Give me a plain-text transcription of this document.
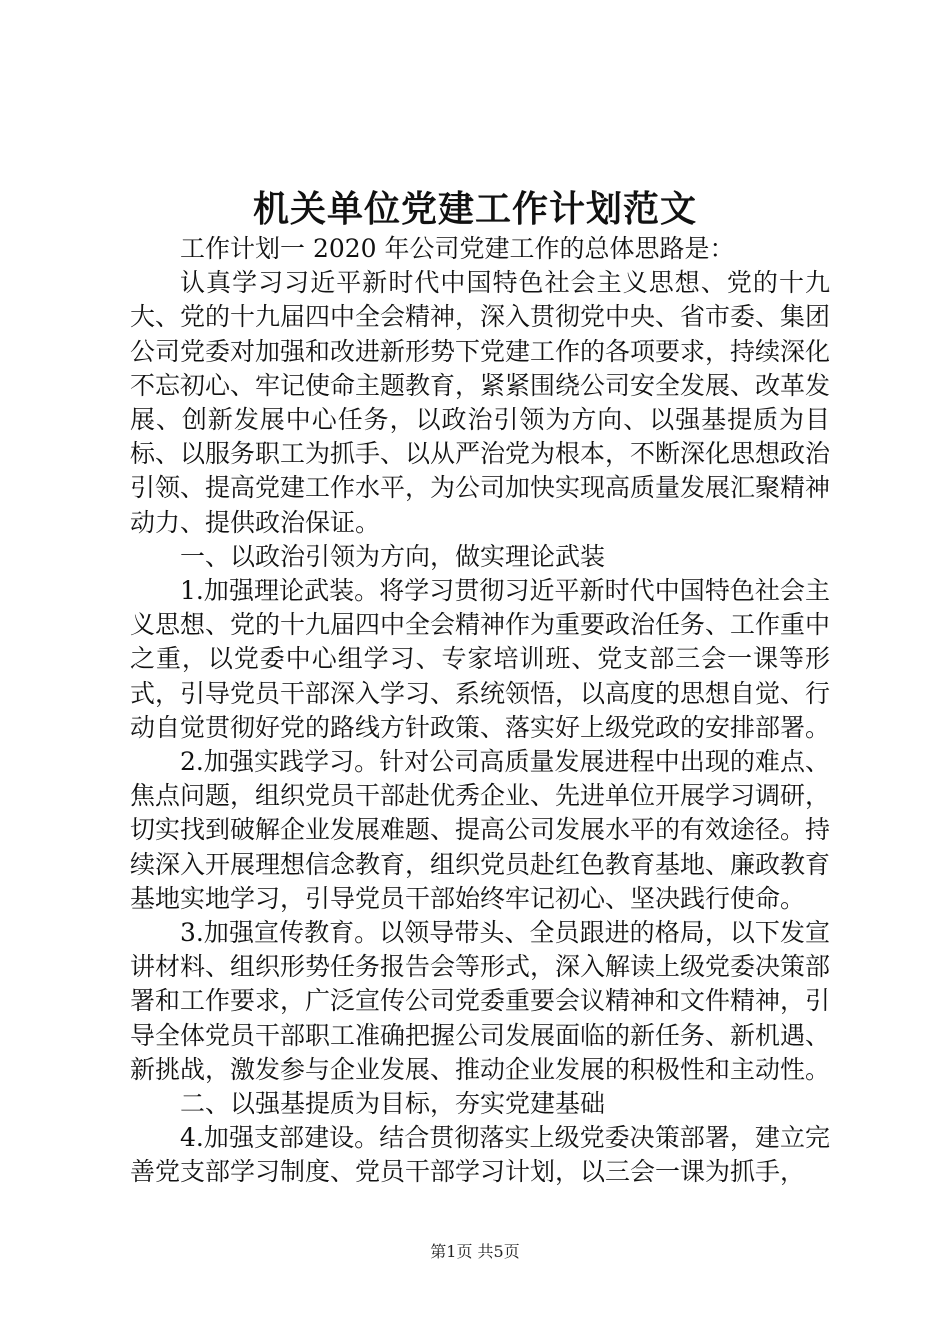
机关单位党建工作计划范文

工作计划一 2020 年公司党建工作的总体思路是：

认真学习习近平新时代中国特色社会主义思想、党的十九大、党的十九届四中全会精神，深入贯彻党中央、省市委、集团公司党委对加强和改进新形势下党建工作的各项要求，持续深化不忘初心、牢记使命主题教育，紧紧围绕公司安全发展、改革发展、创新发展中心任务，以政治引领为方向、以强基提质为目标、以服务职工为抓手、以从严治党为根本，不断深化思想政治引领、提高党建工作水平，为公司加快实现高质量发展汇聚精神动力、提供政治保证。

一、以政治引领为方向，做实理论武装

1.加强理论武装。将学习贯彻习近平新时代中国特色社会主义思想、党的十九届四中全会精神作为重要政治任务、工作重中之重，以党委中心组学习、专家培训班、党支部三会一课等形式，引导党员干部深入学习、系统领悟，以高度的思想自觉、行动自觉贯彻好党的路线方针政策、落实好上级党政的安排部署。

2.加强实践学习。针对公司高质量发展进程中出现的难点、焦点问题，组织党员干部赴优秀企业、先进单位开展学习调研，切实找到破解企业发展难题、提高公司发展水平的有效途径。持续深入开展理想信念教育，组织党员赴红色教育基地、廉政教育基地实地学习，引导党员干部始终牢记初心、坚决践行使命。

3.加强宣传教育。以领导带头、全员跟进的格局，以下发宣讲材料、组织形势任务报告会等形式，深入解读上级党委决策部署和工作要求，广泛宣传公司党委重要会议精神和文件精神，引导全体党员干部职工准确把握公司发展面临的新任务、新机遇、新挑战，激发参与企业发展、推动企业发展的积极性和主动性。

二、以强基提质为目标，夯实党建基础

4.加强支部建设。结合贯彻落实上级党委决策部署，建立完善党支部学习制度、党员干部学习计划，以三会一课为抓手，

第1页 共5页
